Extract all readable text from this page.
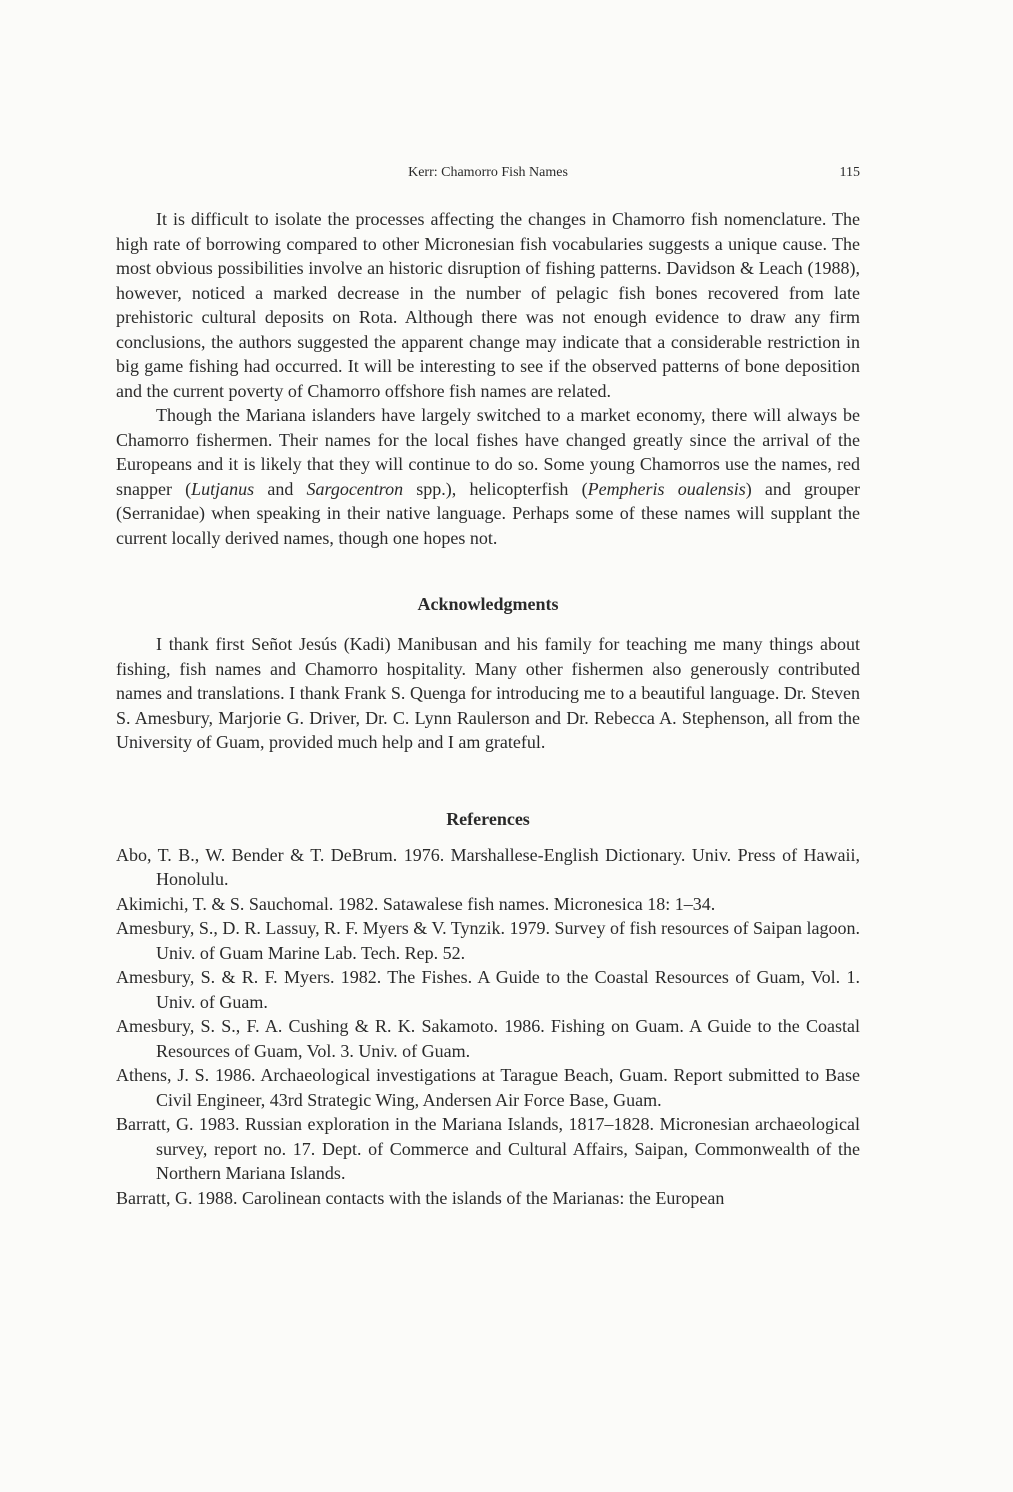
Kerr: Chamorro Fish Names	115

It is difficult to isolate the processes affecting the changes in Chamorro fish nomenclature. The high rate of borrowing compared to other Micronesian fish vocabularies suggests a unique cause. The most obvious possibilities involve an historic disruption of fishing patterns. Davidson & Leach (1988), however, noticed a marked decrease in the number of pelagic fish bones recovered from late prehistoric cultural deposits on Rota. Although there was not enough evidence to draw any firm conclusions, the authors suggested the apparent change may indicate that a considerable restriction in big game fishing had occurred. It will be interesting to see if the observed patterns of bone deposition and the current poverty of Chamorro offshore fish names are related.

Though the Mariana islanders have largely switched to a market economy, there will always be Chamorro fishermen. Their names for the local fishes have changed greatly since the arrival of the Europeans and it is likely that they will continue to do so. Some young Chamorros use the names, red snapper (Lutjanus and Sargocentron spp.), helicopterfish (Pempheris oualensis) and grouper (Serranidae) when speaking in their native language. Perhaps some of these names will supplant the current locally derived names, though one hopes not.

Acknowledgments

I thank first Señot Jesús (Kadi) Manibusan and his family for teaching me many things about fishing, fish names and Chamorro hospitality. Many other fishermen also generously contributed names and translations. I thank Frank S. Quenga for introducing me to a beautiful language. Dr. Steven S. Amesbury, Marjorie G. Driver, Dr. C. Lynn Raulerson and Dr. Rebecca A. Stephenson, all from the University of Guam, provided much help and I am grateful.

References
Abo, T. B., W. Bender & T. DeBrum. 1976. Marshallese-English Dictionary. Univ. Press of Hawaii, Honolulu.
Akimichi, T. & S. Sauchomal. 1982. Satawalese fish names. Micronesica 18: 1–34.
Amesbury, S., D. R. Lassuy, R. F. Myers & V. Tynzik. 1979. Survey of fish resources of Saipan lagoon. Univ. of Guam Marine Lab. Tech. Rep. 52.
Amesbury, S. & R. F. Myers. 1982. The Fishes. A Guide to the Coastal Resources of Guam, Vol. 1. Univ. of Guam.
Amesbury, S. S., F. A. Cushing & R. K. Sakamoto. 1986. Fishing on Guam. A Guide to the Coastal Resources of Guam, Vol. 3. Univ. of Guam.
Athens, J. S. 1986. Archaeological investigations at Tarague Beach, Guam. Report submitted to Base Civil Engineer, 43rd Strategic Wing, Andersen Air Force Base, Guam.
Barratt, G. 1983. Russian exploration in the Mariana Islands, 1817–1828. Micronesian archaeological survey, report no. 17. Dept. of Commerce and Cultural Affairs, Saipan, Commonwealth of the Northern Mariana Islands.
Barratt, G. 1988. Carolinean contacts with the islands of the Marianas: the European
